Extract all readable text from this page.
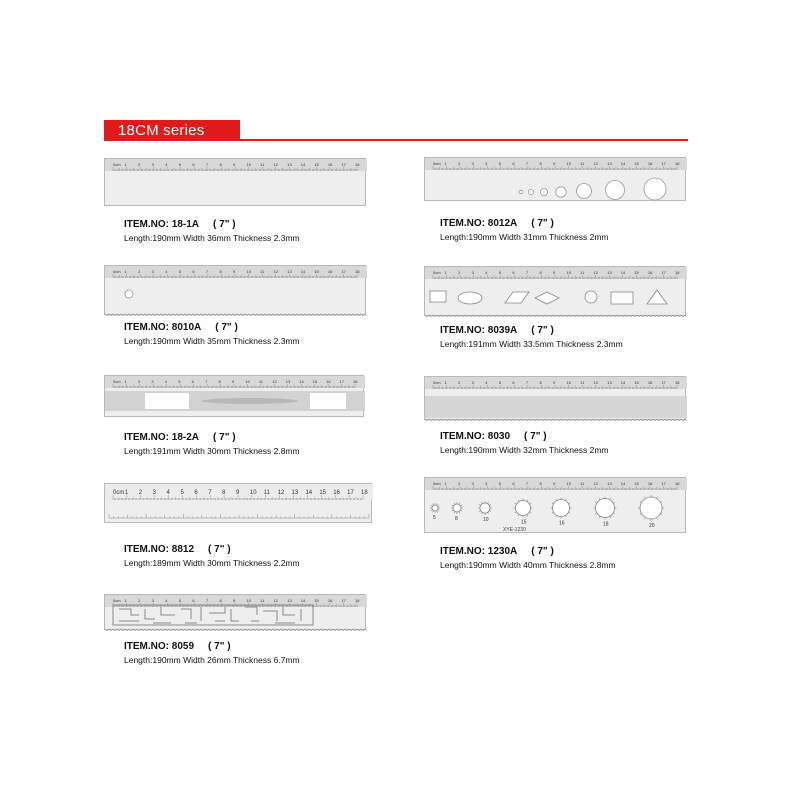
18CM series
0cm 1	2	3	4	5	6	7	8	9	10 11 12 13 14 15 16 17 18
ITEM.NO: 18-1A ( 7" )
Length:190mm Width 36mm Thickness 2.3mm
0cm 1	2	3	4	5	6	7	8	9	10 11 12 13 14 15 16 17 18
ITEM.NO: 8012A ( 7" )
Length:190mm Width 31mm Thickness 2mm
0cm 1	2	3	4	5	6	7	8	9	10 11 12 13 14 15 16 17 18
ITEM.NO: 8010A ( 7" )
Length:190mm Width 35mm Thickness 2.3mm
0cm 1	2	3	4	5	6	7	8	9	10 11 12 13 14 15 16 17 18
ITEM.NO: 8039A ( 7" )
Length:191mm Width 33.5mm Thickness 2.3mm
0cm 1	2	3	4	5	6	7	8	9	10 11 12 13 14 15 16 17 18
ITEM.NO: 18-2A ( 7" )
Length:191mm Width 30mm Thickness 2.8mm
0cm 1	2	3	4	5	6	7	8	9	10 11 12 13 14 15 16 17 18
ITEM.NO: 8030 ( 7" )
Length:190mm Width 32mm Thickness 2mm
0cm 1 2 3 4 5 6 7 8 9 10 11 12 13 14 15 16 17 18
ITEM.NO: 8812 ( 7" )
Length:189mm Width 30mm Thickness 2.2mm
0cm 1	2	3	4	5	6	7	8	9	10 11 12 13 14 15 16 17 18
XYE-1230
5	8	10	15	16	18	20
ITEM.NO: 1230A ( 7" )
Length:190mm Width 40mm Thickness 2.8mm
0cm 1	2	3	4	5	6	7	8	9	10 11 12 13 14 15 16 17 18
ITEM.NO: 8059 ( 7" )
Length:190mm Width 26mm Thickness 6.7mm
